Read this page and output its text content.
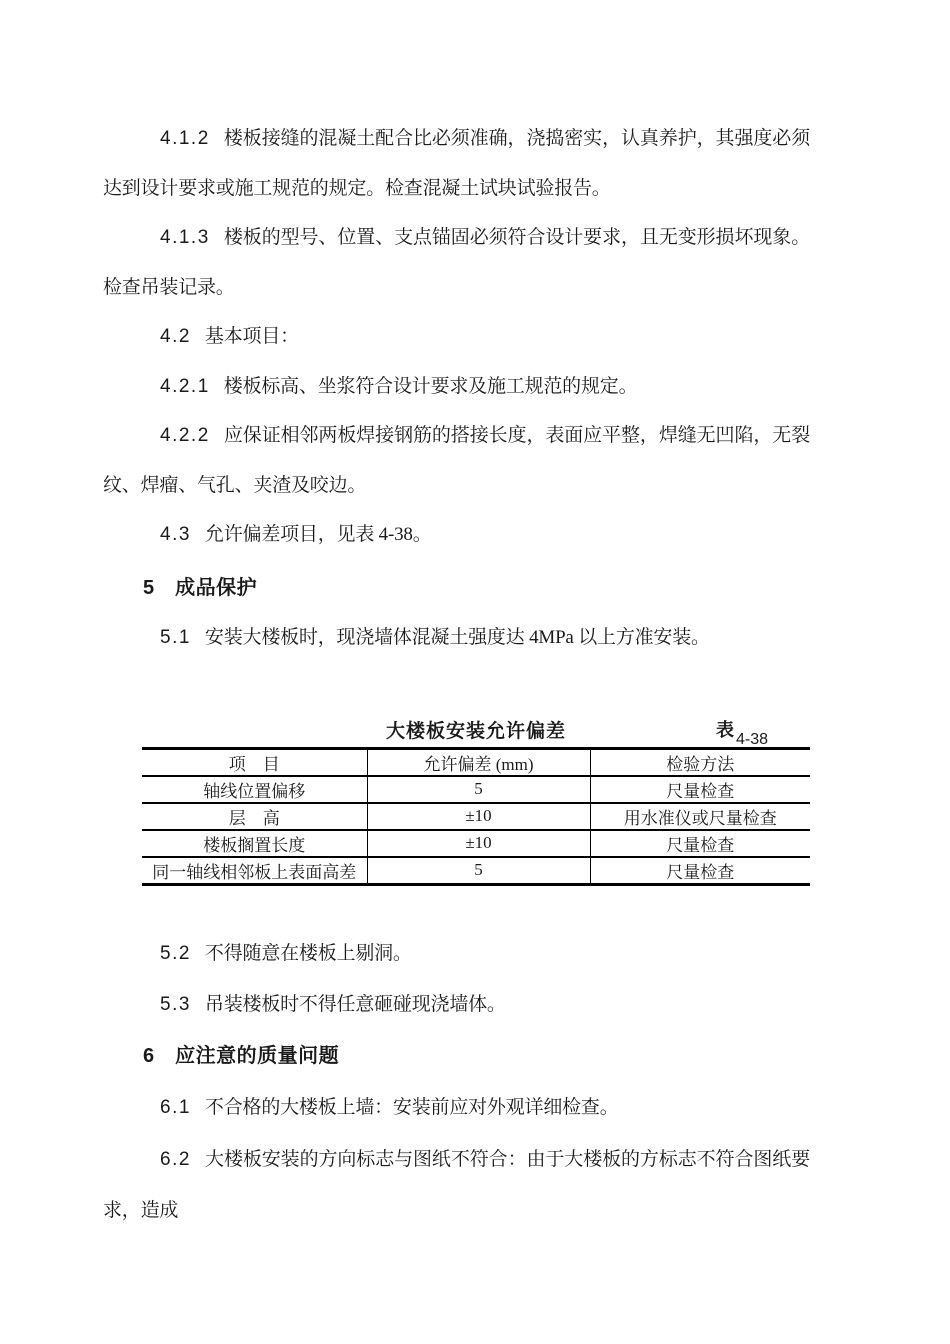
4.1.2 楼板接缝的混凝土配合比必须准确，浇捣密实，认真养护，其强度必须达到设计要求或施工规范的规定。检查混凝土试块试验报告。

4.1.3 楼板的型号、位置、支点锚固必须符合设计要求，且无变形损坏现象。检查吊装记录。

4.2 基本项目：

4.2.1 楼板标高、坐浆符合设计要求及施工规范的规定。

4.2.2 应保证相邻两板焊接钢筋的搭接长度，表面应平整，焊缝无凹陷，无裂纹、焊瘤、气孔、夹渣及咬边。

4.3 允许偏差项目，见表 4-38。

5 成品保护

5.1 安装大楼板时，现浇墙体混凝土强度达 4MPa 以上方准安装。

大楼板安装允许偏差	表 4-38
项　目	允许偏差 (mm)	检验方法
轴线位置偏移	5	尺量检查
层　高	±10	用水准仪或尺量检查
楼板搁置长度	±10	尺量检查
同一轴线相邻板上表面高差	5	尺量检查

5.2 不得随意在楼板上剔洞。

5.3 吊装楼板时不得任意砸碰现浇墙体。

6 应注意的质量问题

6.1 不合格的大楼板上墙：安装前应对外观详细检查。

6.2 大楼板安装的方向标志与图纸不符合：由于大楼板的方标志不符合图纸要求，造成
